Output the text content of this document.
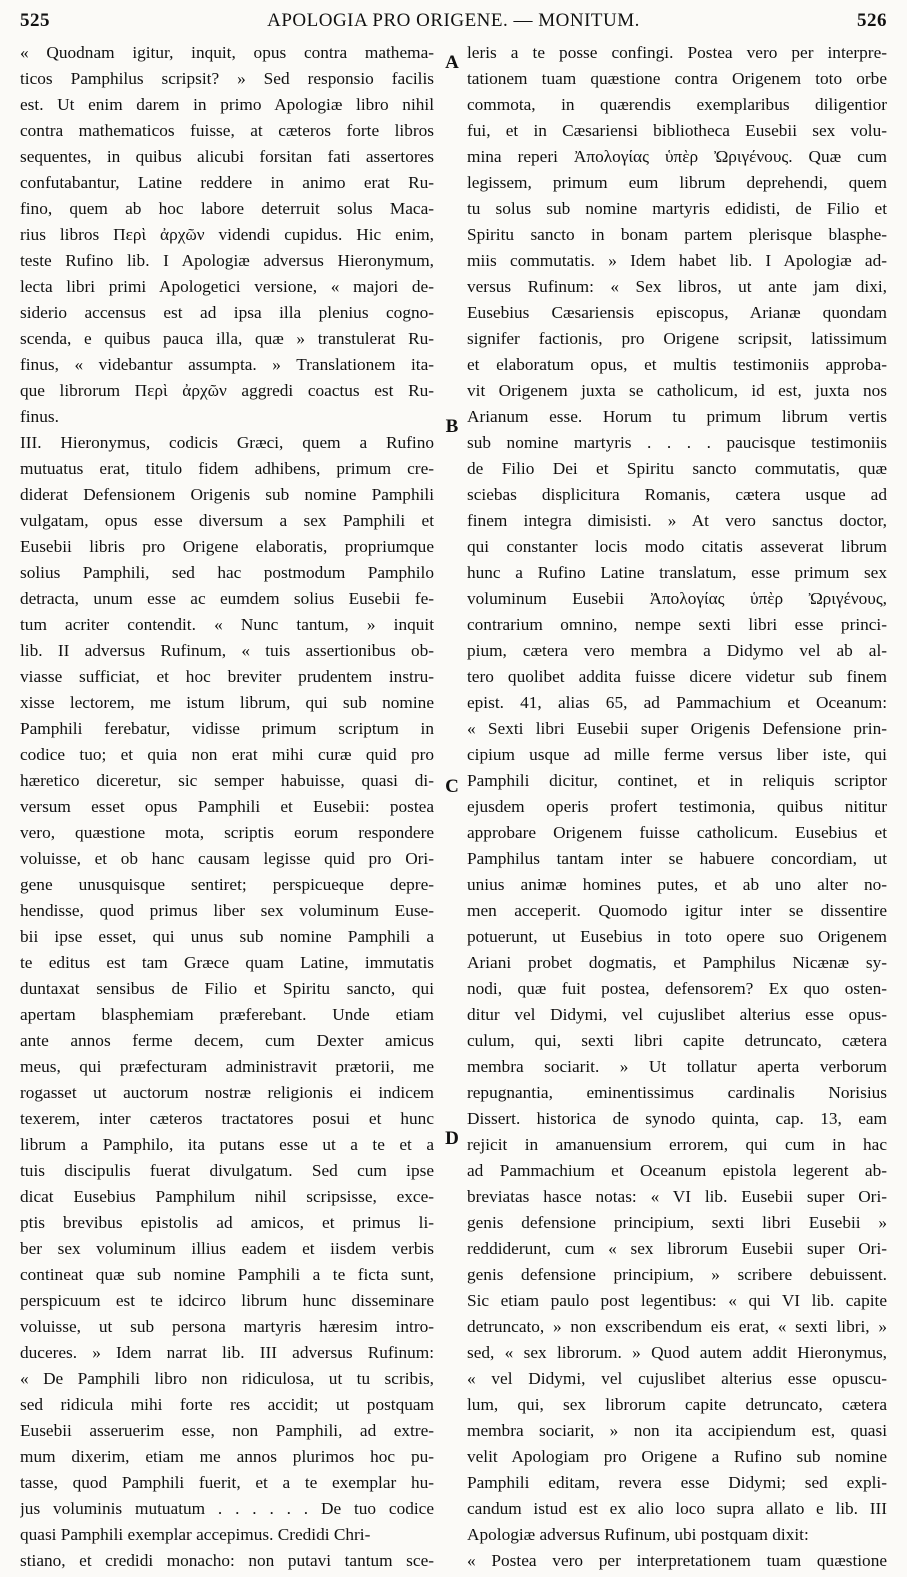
525	APOLOGIA PRO ORIGENE. — MONITUM.	526
« Quodnam igitur, inquit, opus contra mathema-
ticos Pamphilus scripsit? » Sed responsio facilis
est. Ut enim darem in primo Apologiæ libro nihil
contra mathematicos fuisse, at cæteros forte libros
sequentes, in quibus alicubi forsitan fati assertores
confutabantur, Latine reddere in animo erat Ru-
fino, quem ab hoc labore deterruit solus Maca-
rius libros Περὶ ἀρχῶν videndi cupidus. Hic enim,
teste Rufino lib. I Apologiæ adversus Hieronymum,
lecta libri primi Apologetici versione, « majori de-
siderio accensus est ad ipsa illa plenius cogno-
scenda, e quibus pauca illa, quæ » transtulerat Ru-
finus, « videbantur assumpta. » Translationem ita-
que librorum Περὶ ἀρχῶν aggredi coactus est Ru-
finus.
III. Hieronymus, codicis Græci, quem a Rufino
mutuatus erat, titulo fidem adhibens, primum cre-
diderat Defensionem Origenis sub nomine Pamphili
vulgatam, opus esse diversum a sex Pamphili et
Eusebii libris pro Origene elaboratis, propriumque
solius Pamphili, sed hac postmodum Pamphilo
detracta, unum esse ac eumdem solius Eusebii fe-
tum acriter contendit. « Nunc tantum, » inquit
lib. II adversus Rufinum, « tuis assertionibus ob-
viasse sufficiat, et hoc breviter prudentem instru-
xisse lectorem, me istum librum, qui sub nomine
Pamphili ferebatur, vidisse primum scriptum in
codice tuo; et quia non erat mihi curæ quid pro
hæretico diceretur, sic semper habuisse, quasi di-
versum esset opus Pamphili et Eusebii: postea
vero, quæstione mota, scriptis eorum respondere
voluisse, et ob hanc causam legisse quid pro Ori-
gene unusquisque sentiret; perspicueque depre-
hendisse, quod primus liber sex voluminum Euse-
bii ipse esset, qui unus sub nomine Pamphili a
te editus est tam Græce quam Latine, immutatis
duntaxat sensibus de Filio et Spiritu sancto, qui
apertam blasphemiam præferebant. Unde etiam
ante annos ferme decem, cum Dexter amicus
meus, qui præfecturam administravit prætorii, me
rogasset ut auctorum nostræ religionis ei indicem
texerem, inter cæteros tractatores posui et hunc
librum a Pamphilo, ita putans esse ut a te et a
tuis discipulis fuerat divulgatum. Sed cum ipse
dicat Eusebius Pamphilum nihil scripsisse, exce-
ptis brevibus epistolis ad amicos, et primus li-
ber sex voluminum illius eadem et iisdem verbis
contineat quæ sub nomine Pamphili a te ficta sunt,
perspicuum est te idcirco librum hunc disseminare
voluisse, ut sub persona martyris hæresim intro-
duceres. » Idem narrat lib. III adversus Rufinum:
« De Pamphili libro non ridiculosa, ut tu scribis,
sed ridicula mihi forte res accidit; ut postquam
Eusebii asseruerim esse, non Pamphili, ad extre-
mum dixerim, etiam me annos plurimos hoc pu-
tasse, quod Pamphili fuerit, et a te exemplar hu-
jus voluminis mutuatum . . . . . . De tuo codice
quasi Pamphili exemplar accepimus. Credidi Chri-
stiano, et credidi monacho: non putavi tantum sce-
leris a te posse confingi. Postea vero per interpre-
tationem tuam quæstione contra Origenem toto orbe
commota, in quærendis exemplaribus diligentior
fui, et in Cæsariensi bibliotheca Eusebii sex volu-
mina reperi Ἀπολογίας ὑπὲρ Ὠριγένους. Quæ cum
legissem, primum eum librum deprehendi, quem
tu solus sub nomine martyris edidisti, de Filio et
Spiritu sancto in bonam partem plerisque blasphe-
miis commutatis. » Idem habet lib. I Apologiæ ad-
versus Rufinum: « Sex libros, ut ante jam dixi,
Eusebius Cæsariensis episcopus, Arianæ quondam
signifer factionis, pro Origene scripsit, latissimum
et elaboratum opus, et multis testimoniis approba-
vit Origenem juxta se catholicum, id est, juxta nos
Arianum esse. Horum tu primum librum vertis
sub nomine martyris . . . . paucisque testimoniis
de Filio Dei et Spiritu sancto commutatis, quæ
sciebas displicitura Romanis, cætera usque ad
finem integra dimisisti. » At vero sanctus doctor,
qui constanter locis modo citatis asseverat librum
hunc a Rufino Latine translatum, esse primum sex
voluminum Eusebii Ἀπολογίας ὑπὲρ Ὠριγένους,
contrarium omnino, nempe sexti libri esse princi-
pium, cætera vero membra a Didymo vel ab al-
tero quolibet addita fuisse dicere videtur sub finem
epist. 41, alias 65, ad Pammachium et Oceanum:
« Sexti libri Eusebii super Origenis Defensione prin-
cipium usque ad mille ferme versus liber iste, qui
Pamphili dicitur, continet, et in reliquis scriptor
ejusdem operis profert testimonia, quibus nititur
approbare Origenem fuisse catholicum. Eusebius et
Pamphilus tantam inter se habuere concordiam, ut
unius animæ homines putes, et ab uno alter no-
men acceperit. Quomodo igitur inter se dissentire
potuerunt, ut Eusebius in toto opere suo Origenem
Ariani probet dogmatis, et Pamphilus Nicænæ sy-
nodi, quæ fuit postea, defensorem? Ex quo osten-
ditur vel Didymi, vel cujuslibet alterius esse opus-
culum, qui, sexti libri capite detruncato, cætera
membra sociarit. » Ut tollatur aperta verborum
repugnantia, eminentissimus cardinalis Norisius
Dissert. historica de synodo quinta, cap. 13, eam
rejicit in amanuensium errorem, qui cum in hac
ad Pammachium et Oceanum epistola legerent ab-
breviatas hasce notas: « VI lib. Eusebii super Ori-
genis defensione principium, sexti libri Eusebii »
reddiderunt, cum « sex librorum Eusebii super Ori-
genis defensione principium, » scribere debuissent.
Sic etiam paulo post legentibus: « qui VI lib. capite
detruncato, » non exscribendum eis erat, « sexti libri, »
sed, « sex librorum. » Quod autem addit Hieronymus,
« vel Didymi, vel cujuslibet alterius esse opuscu-
lum, qui, sex librorum capite detruncato, cætera
membra sociarit, » non ita accipiendum est, quasi
velit Apologiam pro Origene a Rufino sub nomine
Pamphili editam, revera esse Didymi; sed expli-
candum istud est ex alio loco supra allato e lib. III
Apologiæ adversus Rufinum, ubi postquam dixit:
« Postea vero per interpretationem tuam quæstione
A
B
C
D
